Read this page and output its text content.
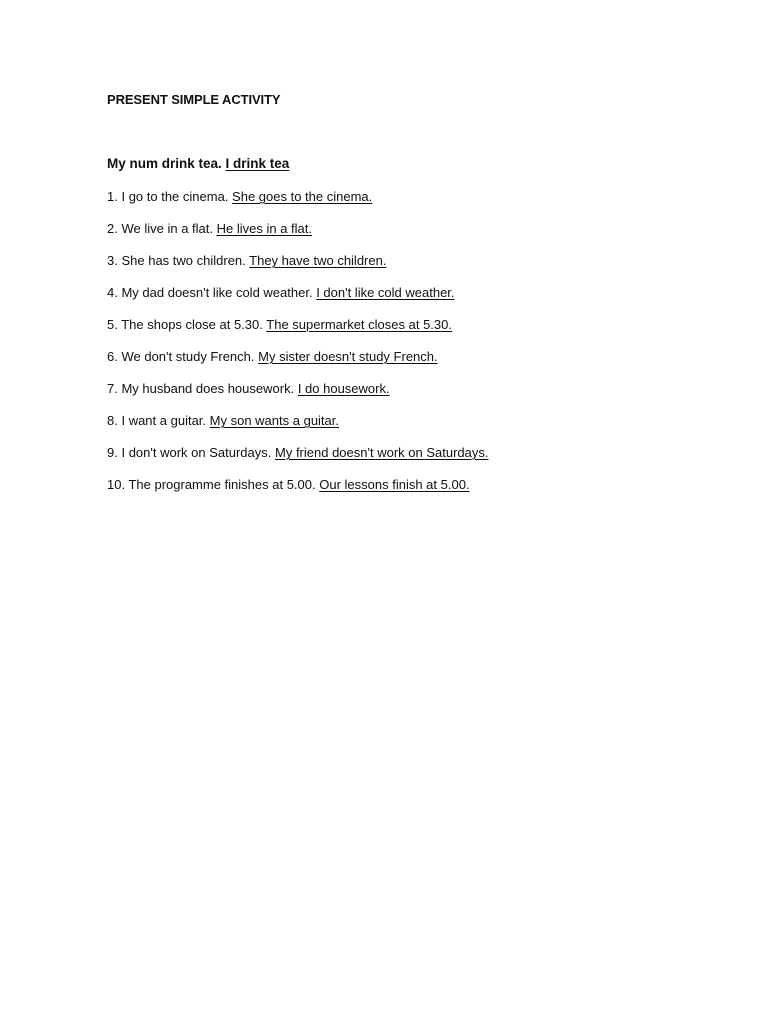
PRESENT SIMPLE ACTIVITY
My num drink tea. I drink tea
1. I go to the cinema. She goes to the cinema.
2. We live in a flat. He lives in a flat.
3. She has two children. They have two children.
4. My dad doesn't like cold weather. I don't like cold weather.
5. The shops close at 5.30. The supermarket closes at 5.30.
6. We don't study French. My sister doesn't study French.
7. My husband does housework. I do housework.
8. I want a guitar. My son wants a guitar.
9. I don't work on Saturdays. My friend doesn't work on Saturdays.
10. The programme finishes at 5.00. Our lessons finish at 5.00.
